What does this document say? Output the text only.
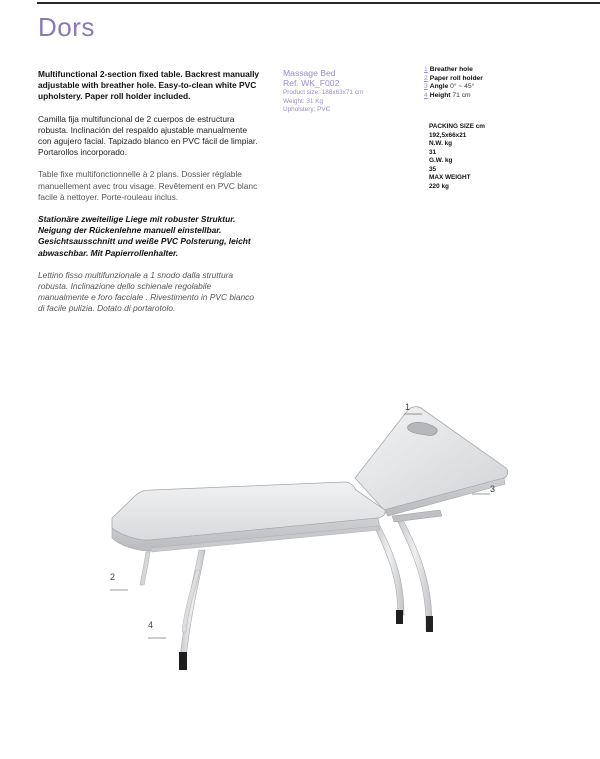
Dors

Multifunctional 2-section fixed table. Backrest manually adjustable with breather hole. Easy-to-clean white PVC upholstery. Paper roll holder included.

Camilla fija multifuncional de 2 cuerpos de estructura robusta. Inclinación del respaldo ajustable manualmente con agujero facial. Tapizado blanco en PVC fácil de limpiar. Portarollos incorporado.

Table fixe multifonctionnelle à 2 plans. Dossier réglable manuellement avec trou visage. Revêtement en PVC blanc facile à nettoyer. Porte-rouleau inclus.

Stationäre zweiteilige Liege mit robuster Struktur. Neigung der Rückenlehne manuell einstellbar. Gesichtsausschnitt und weiße PVC Polsterung, leicht abwaschbar. Mit Papierrollenhalter.

Lettino fisso multifunzionale a 1 snodo dalla struttura robusta. Inclinazione dello schienale regolabile manualmente e foro facciale . Rivestimento in PVC bianco di facile pulizia. Dotato di portarotolo.

Massage Bed
Ref. WK_F002
Product size: 188x63x71 cm
Weight: 31 Kg
Upholstery: PVC
1 Breather hole
2 Paper roll holder
3 Angle 0° ~ 45°
4 Height 71 cm
PACKING SIZE cm
192,5x66x21
N.W. kg
31
G.W. kg
35
MAX WEIGHT
220 kg
1
3
2
4
